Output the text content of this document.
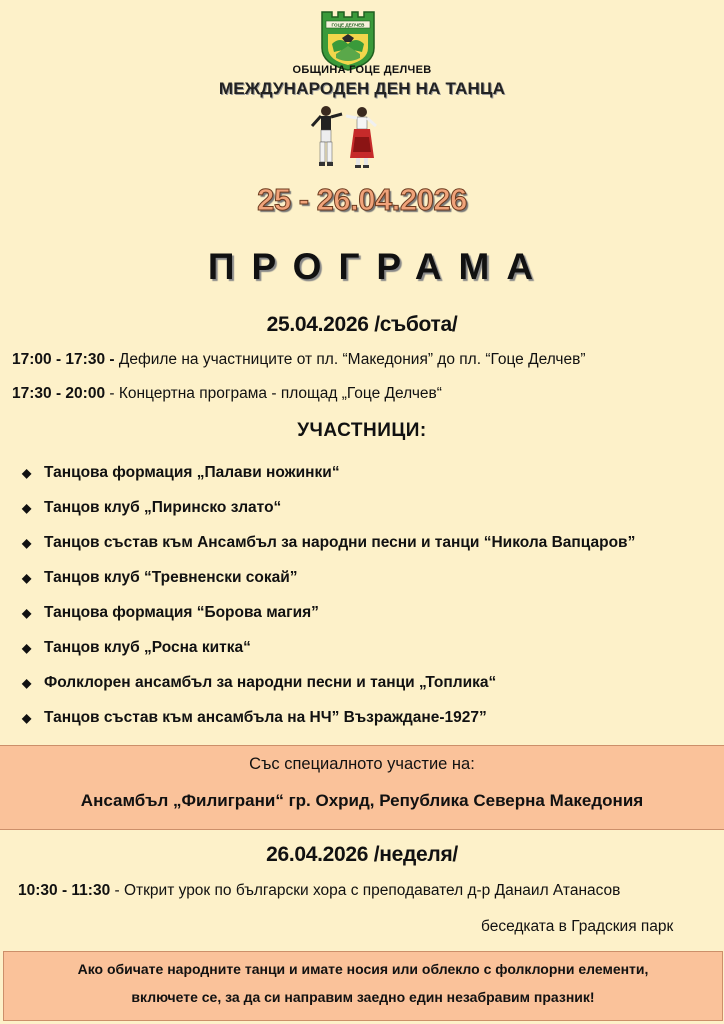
ГОЦЕ ДЕЛЧЕВ
ОБЩИНА ГОЦЕ ДЕЛЧЕВ
МЕЖДУНАРОДЕН ДЕН НА ТАНЦА
25 - 26.04.2026
ПРОГРАМА
25.04.2026 /събота/
17:00 - 17:30 - Дефиле на участниците от пл. “Македония” до пл. “Гоце Делчев”
17:30 - 20:00 - Концертна програма - площад „Гоце Делчев“
УЧАСТНИЦИ:
◆ Танцова формация „Палави ножинки“
◆ Танцов клуб „Пиринско злато“
◆ Танцов състав към Ансамбъл за народни песни и танци “Никола Вапцаров”
◆ Танцов клуб “Тревненски сокай”
◆ Танцова формация “Борова магия”
◆ Танцов клуб „Росна китка“
◆ Фолклорен ансамбъл за народни песни и танци „Топлика“
◆ Танцов състав към ансамбъла на НЧ” Възраждане-1927”
Със специалното участие на:
Ансамбъл „Филиграни“ гр. Охрид, Република Северна Македония
26.04.2026 /неделя/
10:30 - 11:30 - Открит урок по български хора с преподавател д-р Данаил Атанасов
беседката в Градския парк
Ако обичате народните танци и имате носия или облекло с фолклорни елементи,
включете се, за да си направим заедно един незабравим празник!
